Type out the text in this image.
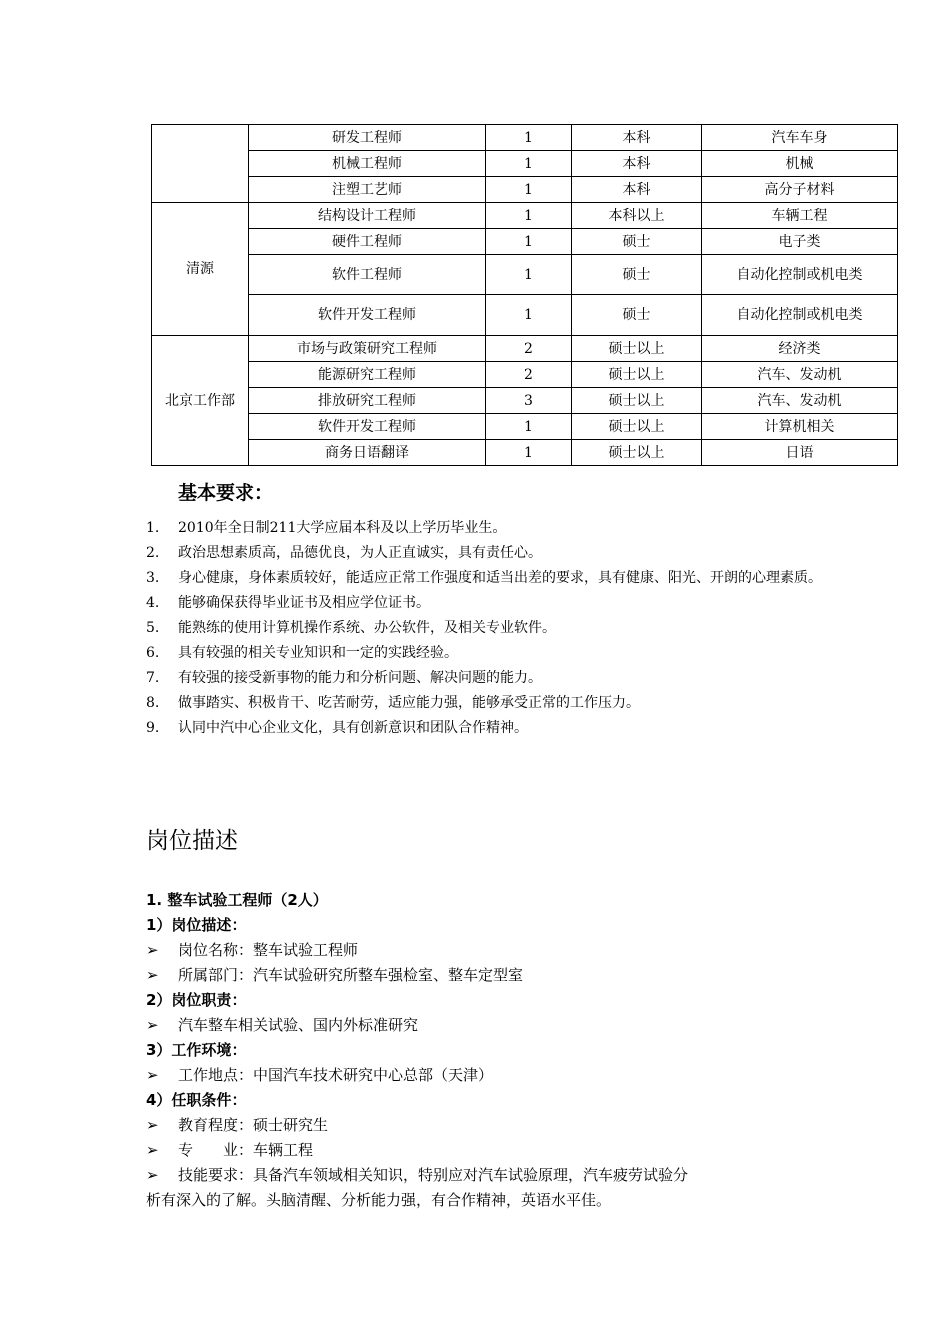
	研发工程师	1	本科	汽车车身
	机械工程师	1	本科	机械
	注塑工艺师	1	本科	高分子材料
清源	结构设计工程师	1	本科以上	车辆工程
	硬件工程师	1	硕士	电子类
	软件工程师	1	硕士	自动化控制或机电类
	软件开发工程师	1	硕士	自动化控制或机电类
北京工作部	市场与政策研究工程师	2	硕士以上	经济类
	能源研究工程师	2	硕士以上	汽车、发动机
	排放研究工程师	3	硕士以上	汽车、发动机
	软件开发工程师	1	硕士以上	计算机相关
	商务日语翻译	1	硕士以上	日语
基本要求：
1.	2010年全日制211大学应届本科及以上学历毕业生。
2.	政治思想素质高，品德优良，为人正直诚实，具有责任心。
3.	身心健康，身体素质较好，能适应正常工作强度和适当出差的要求，具有健康、阳光、开朗的心理素质。
4.	能够确保获得毕业证书及相应学位证书。
5.	能熟练的使用计算机操作系统、办公软件，及相关专业软件。
6.	具有较强的相关专业知识和一定的实践经验。
7.	有较强的接受新事物的能力和分析问题、解决问题的能力。
8.	做事踏实、积极肯干、吃苦耐劳，适应能力强，能够承受正常的工作压力。
9.	认同中汽中心企业文化，具有创新意识和团队合作精神。
岗位描述
1. 整车试验工程师（2人）
1）岗位描述：
➢ 岗位名称：整车试验工程师
➢ 所属部门：汽车试验研究所整车强检室、整车定型室
2）岗位职责：
➢ 汽车整车相关试验、国内外标准研究
3）工作环境：
➢ 工作地点：中国汽车技术研究中心总部（天津）
4）任职条件：
➢ 教育程度：硕士研究生
➢ 专　　业：车辆工程
➢ 技能要求：具备汽车领域相关知识，特别应对汽车试验原理，汽车疲劳试验分
析有深入的了解。头脑清醒、分析能力强，有合作精神，英语水平佳。
